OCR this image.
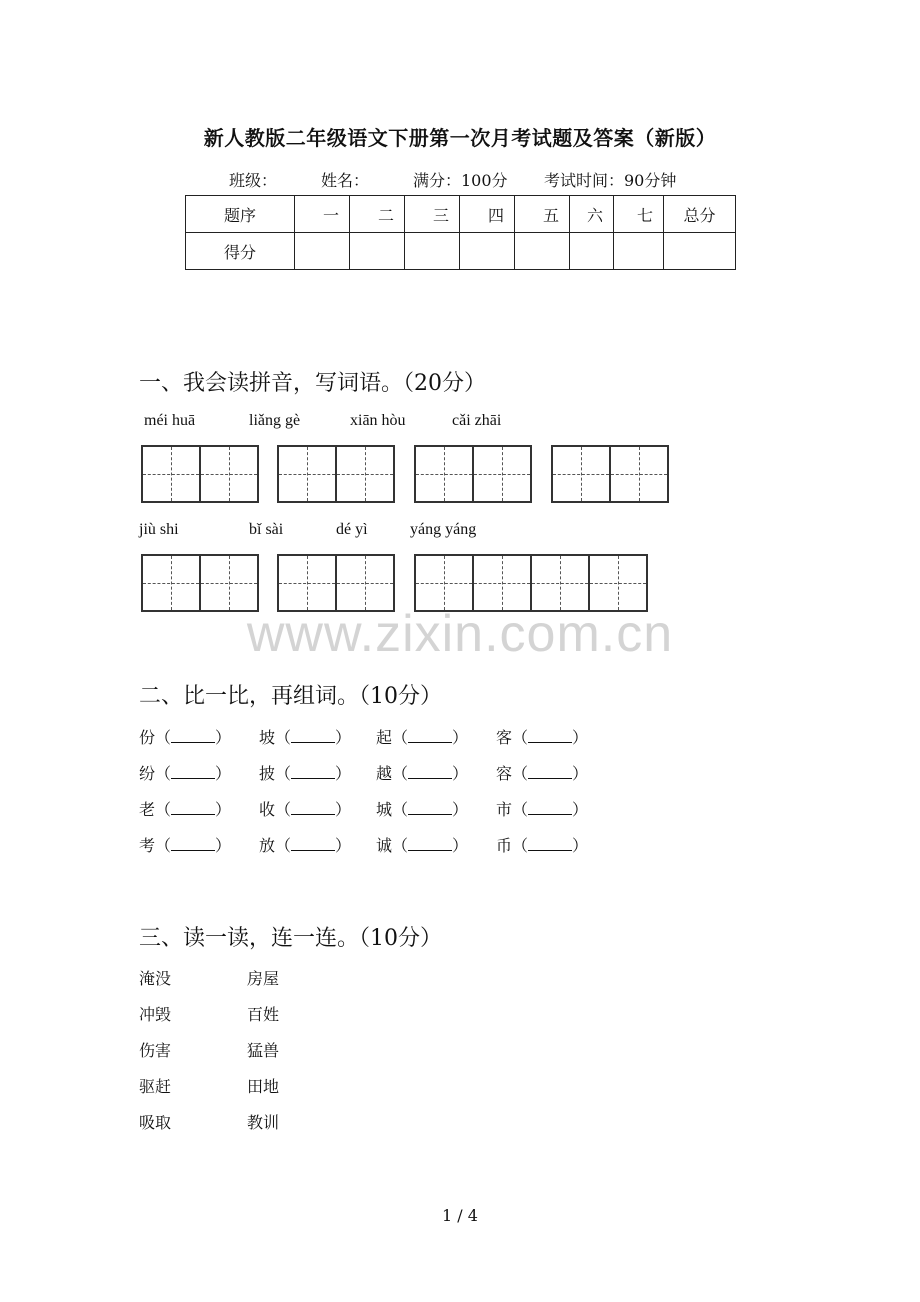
新人教版二年级语文下册第一次月考试题及答案（新版）
班级：	姓名：	满分：100分 考试时间：90分钟
题序	一	二	三	四	五	六	七	总分
得分								
一、我会读拼音，写词语。（20分）
méi huā	liǎng gè	xiān hòu	cǎi zhāi
jiù shi	bǐ sài	dé yì	yáng yáng
www.zixin.com.cn
二、比一比，再组词。（10分）
份（	） 坡（	） 起（	） 客（	）
纷（	） 披（	） 越（	） 容（	）
老（	） 收（	） 城（	） 市（	）
考（	） 放（	） 诚（	） 币（	）
三、读一读，连一连。（10分）
淹没	房屋
冲毁	百姓
伤害	猛兽
驱赶	田地
吸取	教训
1 / 4
